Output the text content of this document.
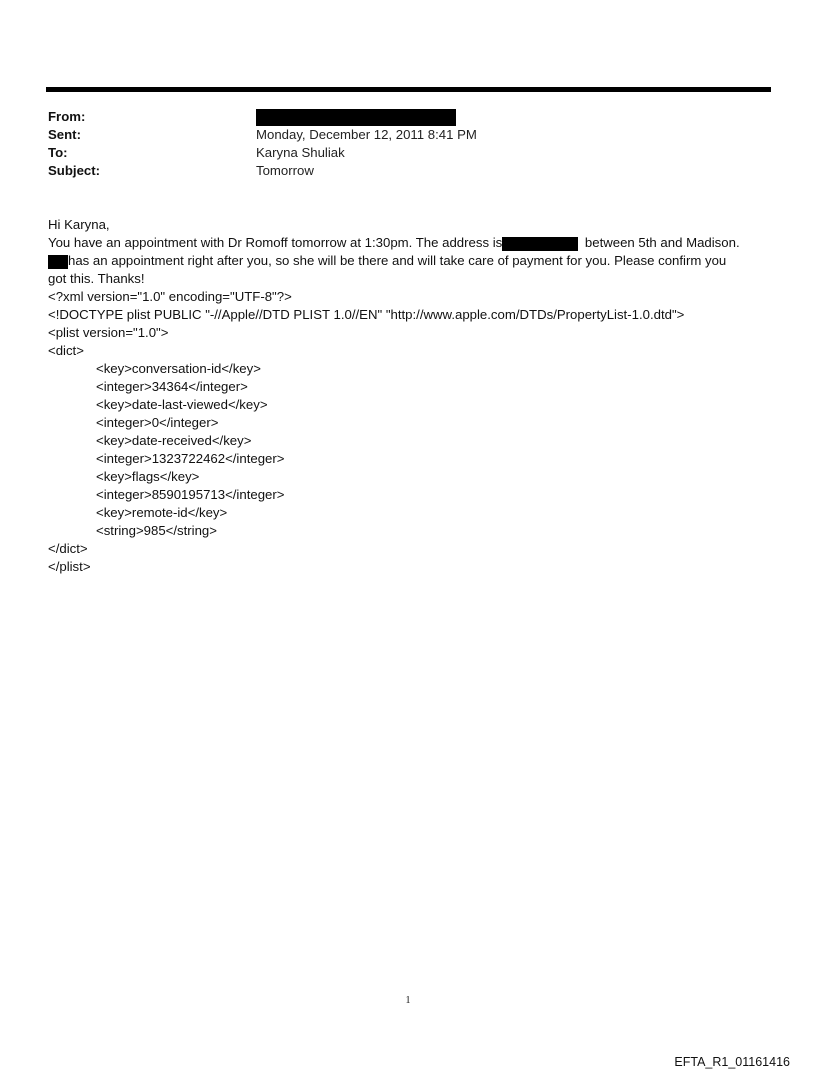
From:
Sent:	Monday, December 12, 2011 8:41 PM
To:	Karyna Shuliak
Subject:	Tomorrow
Hi Karyna,
You have an appointment with Dr Romoff tomorrow at 1:30pm. The address is	between 5th and Madison.
has an appointment right after you, so she will be there and will take care of payment for you. Please confirm you
got this. Thanks!
<?xml version="1.0" encoding="UTF-8"?>
<!DOCTYPE plist PUBLIC "-//Apple//DTD PLIST 1.0//EN" "http://www.apple.com/DTDs/PropertyList-1.0.dtd">
<plist version="1.0">
<dict>
<key>conversation-id</key>
<integer>34364</integer>
<key>date-last-viewed</key>
<integer>0</integer>
<key>date-received</key>
<integer>1323722462</integer>
<key>flags</key>
<integer>8590195713</integer>
<key>remote-id</key>
<string>985</string>
</dict>
</plist>
1
EFTA_R1_01161416
